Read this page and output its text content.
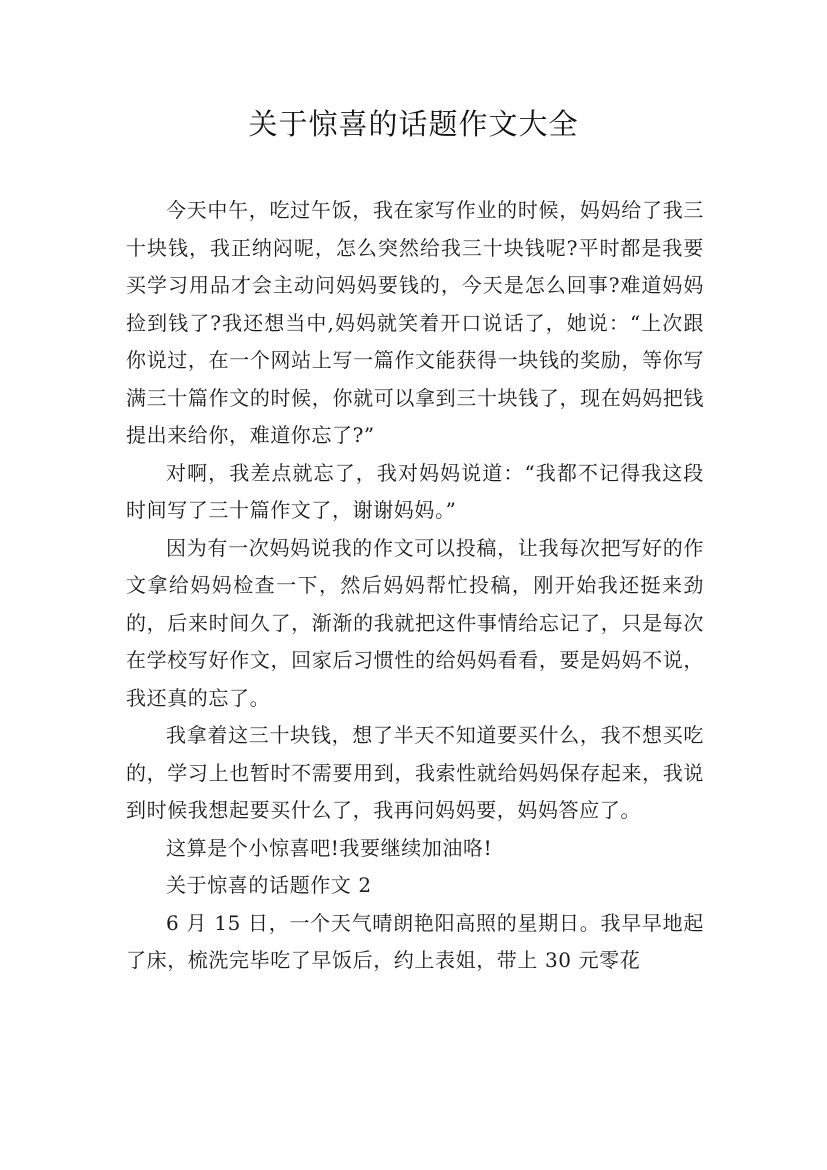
关于惊喜的话题作文大全

今天中午，吃过午饭，我在家写作业的时候，妈妈给了我三十块钱，我正纳闷呢，怎么突然给我三十块钱呢?平时都是我要买学习用品才会主动问妈妈要钱的，今天是怎么回事?难道妈妈捡到钱了?我还想当中,妈妈就笑着开口说话了，她说：“上次跟你说过，在一个网站上写一篇作文能获得一块钱的奖励，等你写满三十篇作文的时候，你就可以拿到三十块钱了，现在妈妈把钱提出来给你，难道你忘了?”

对啊，我差点就忘了，我对妈妈说道：“我都不记得我这段时间写了三十篇作文了，谢谢妈妈。”

因为有一次妈妈说我的作文可以投稿，让我每次把写好的作文拿给妈妈检查一下，然后妈妈帮忙投稿，刚开始我还挺来劲的，后来时间久了，渐渐的我就把这件事情给忘记了，只是每次在学校写好作文，回家后习惯性的给妈妈看看，要是妈妈不说，我还真的忘了。

我拿着这三十块钱，想了半天不知道要买什么，我不想买吃的，学习上也暂时不需要用到，我索性就给妈妈保存起来，我说到时候我想起要买什么了，我再问妈妈要，妈妈答应了。

这算是个小惊喜吧!我要继续加油咯!

关于惊喜的话题作文 2

6 月 15 日，一个天气晴朗艳阳高照的星期日。我早早地起了床，梳洗完毕吃了早饭后，约上表姐，带上 30 元零花
